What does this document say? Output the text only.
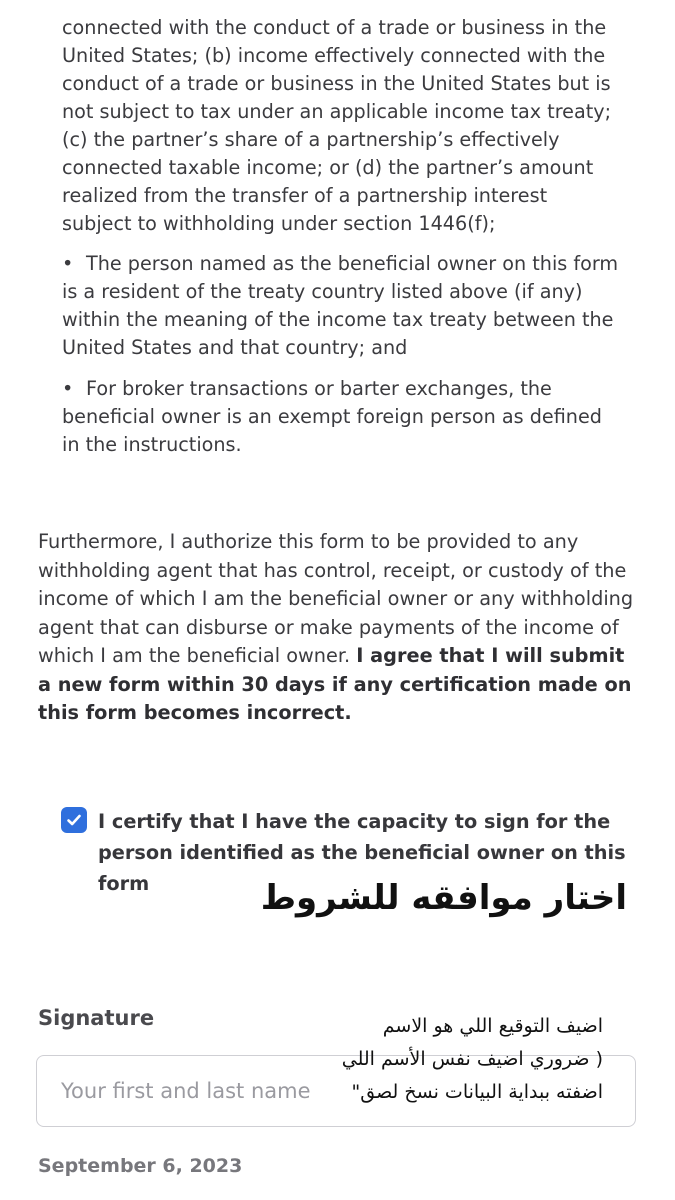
connected with the conduct of a trade or business in the United States; (b) income effectively connected with the conduct of a trade or business in the United States but is not subject to tax under an applicable income tax treaty; (c) the partner’s share of a partnership’s effectively connected taxable income; or (d) the partner’s amount realized from the transfer of a partnership interest subject to withholding under section 1446(f);

• The person named as the beneficial owner on this form is a resident of the treaty country listed above (if any) within the meaning of the income tax treaty between the United States and that country; and

• For broker transactions or barter exchanges, the beneficial owner is an exempt foreign person as defined in the instructions.

Furthermore, I authorize this form to be provided to any withholding agent that has control, receipt, or custody of the income of which I am the beneficial owner or any withholding agent that can disburse or make payments of the income of which I am the beneficial owner. I agree that I will submit a new form within 30 days if any certification made on this form becomes incorrect.

I certify that I have the capacity to sign for the person identified as the beneficial owner on this form

Signature
Your first and last name
September 6, 2023

اختار موافقه للشروط

اضيف التوقيع اللي هو الاسم
( ضروري اضيف نفس الأسم اللي
اضفته ببداية البيانات نسخ لصق"
